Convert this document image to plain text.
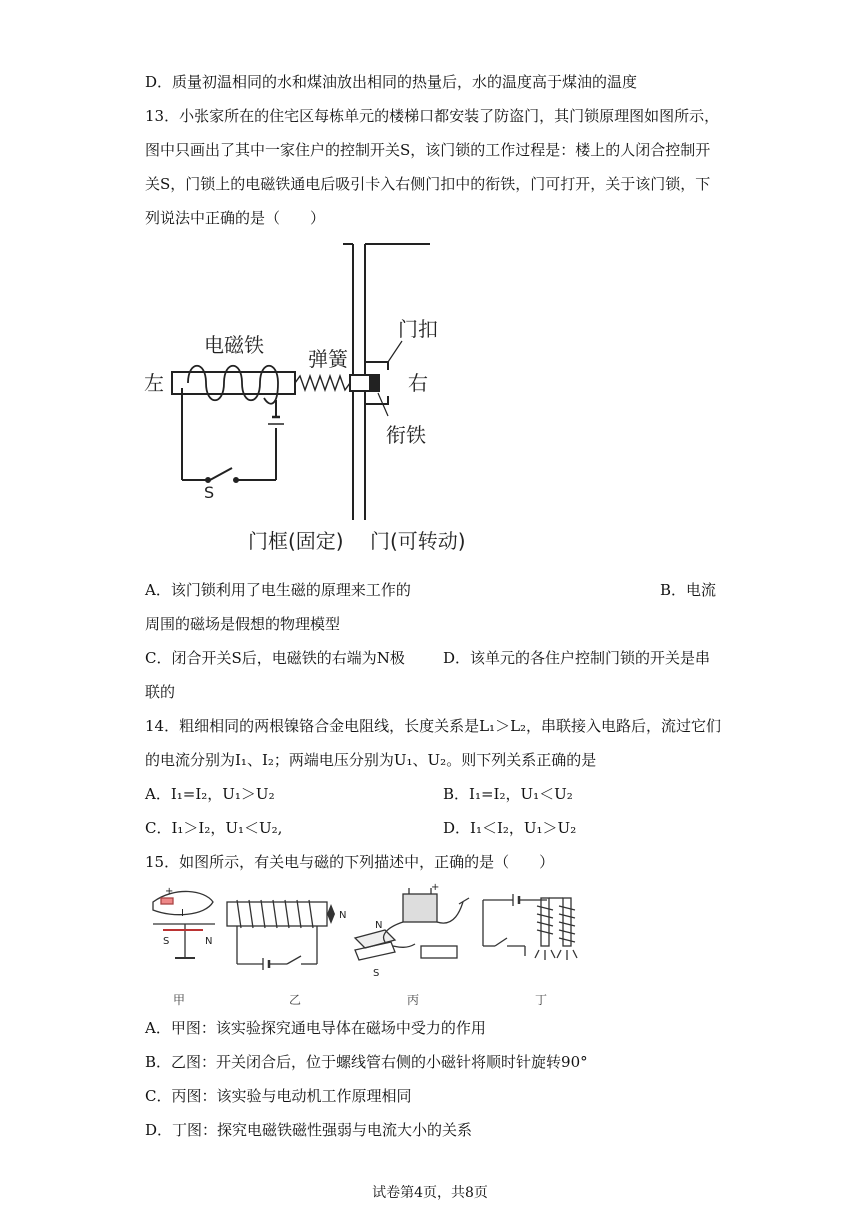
D．质量初温相同的水和煤油放出相同的热量后，水的温度高于煤油的温度
13．小张家所在的住宅区每栋单元的楼梯口都安装了防盗门，其门锁原理图如图所示，
图中只画出了其中一家住户的控制开关S，该门锁的工作过程是：楼上的人闭合控制开
关S，门锁上的电磁铁通电后吸引卡入右侧门扣中的衔铁，门可打开，关于该门锁，下
列说法中正确的是（　　）
左	右
电磁铁
弹簧
门扣
衔铁
S
门框(固定) 门(可转动)
A．该门锁利用了电生磁的原理来工作的	B．电流
周围的磁场是假想的物理模型
C．闭合开关S后，电磁铁的右端为N极	D．该单元的各住户控制门锁的开关是串
联的
14．粗细相同的两根镍铬合金电阻线，长度关系是L₁＞L₂，串联接入电路后，流过它们
的电流分别为I₁、I₂；两端电压分别为U₁、U₂。则下列关系正确的是
A．I₁=I₂，U₁＞U₂	B．I₁=I₂，U₁＜U₂
C．I₁＞I₂，U₁＜U₂,	D．I₁＜I₂，U₁＞U₂
15．如图所示，有关电与磁的下列描述中，正确的是（　　）
+
S	N
I
甲
N
乙
+
N
S
丙	丁
A．甲图：该实验探究通电导体在磁场中受力的作用
B．乙图：开关闭合后，位于螺线管右侧的小磁针将顺时针旋转90°
C．丙图：该实验与电动机工作原理相同
D．丁图：探究电磁铁磁性强弱与电流大小的关系
试卷第4页，共8页
